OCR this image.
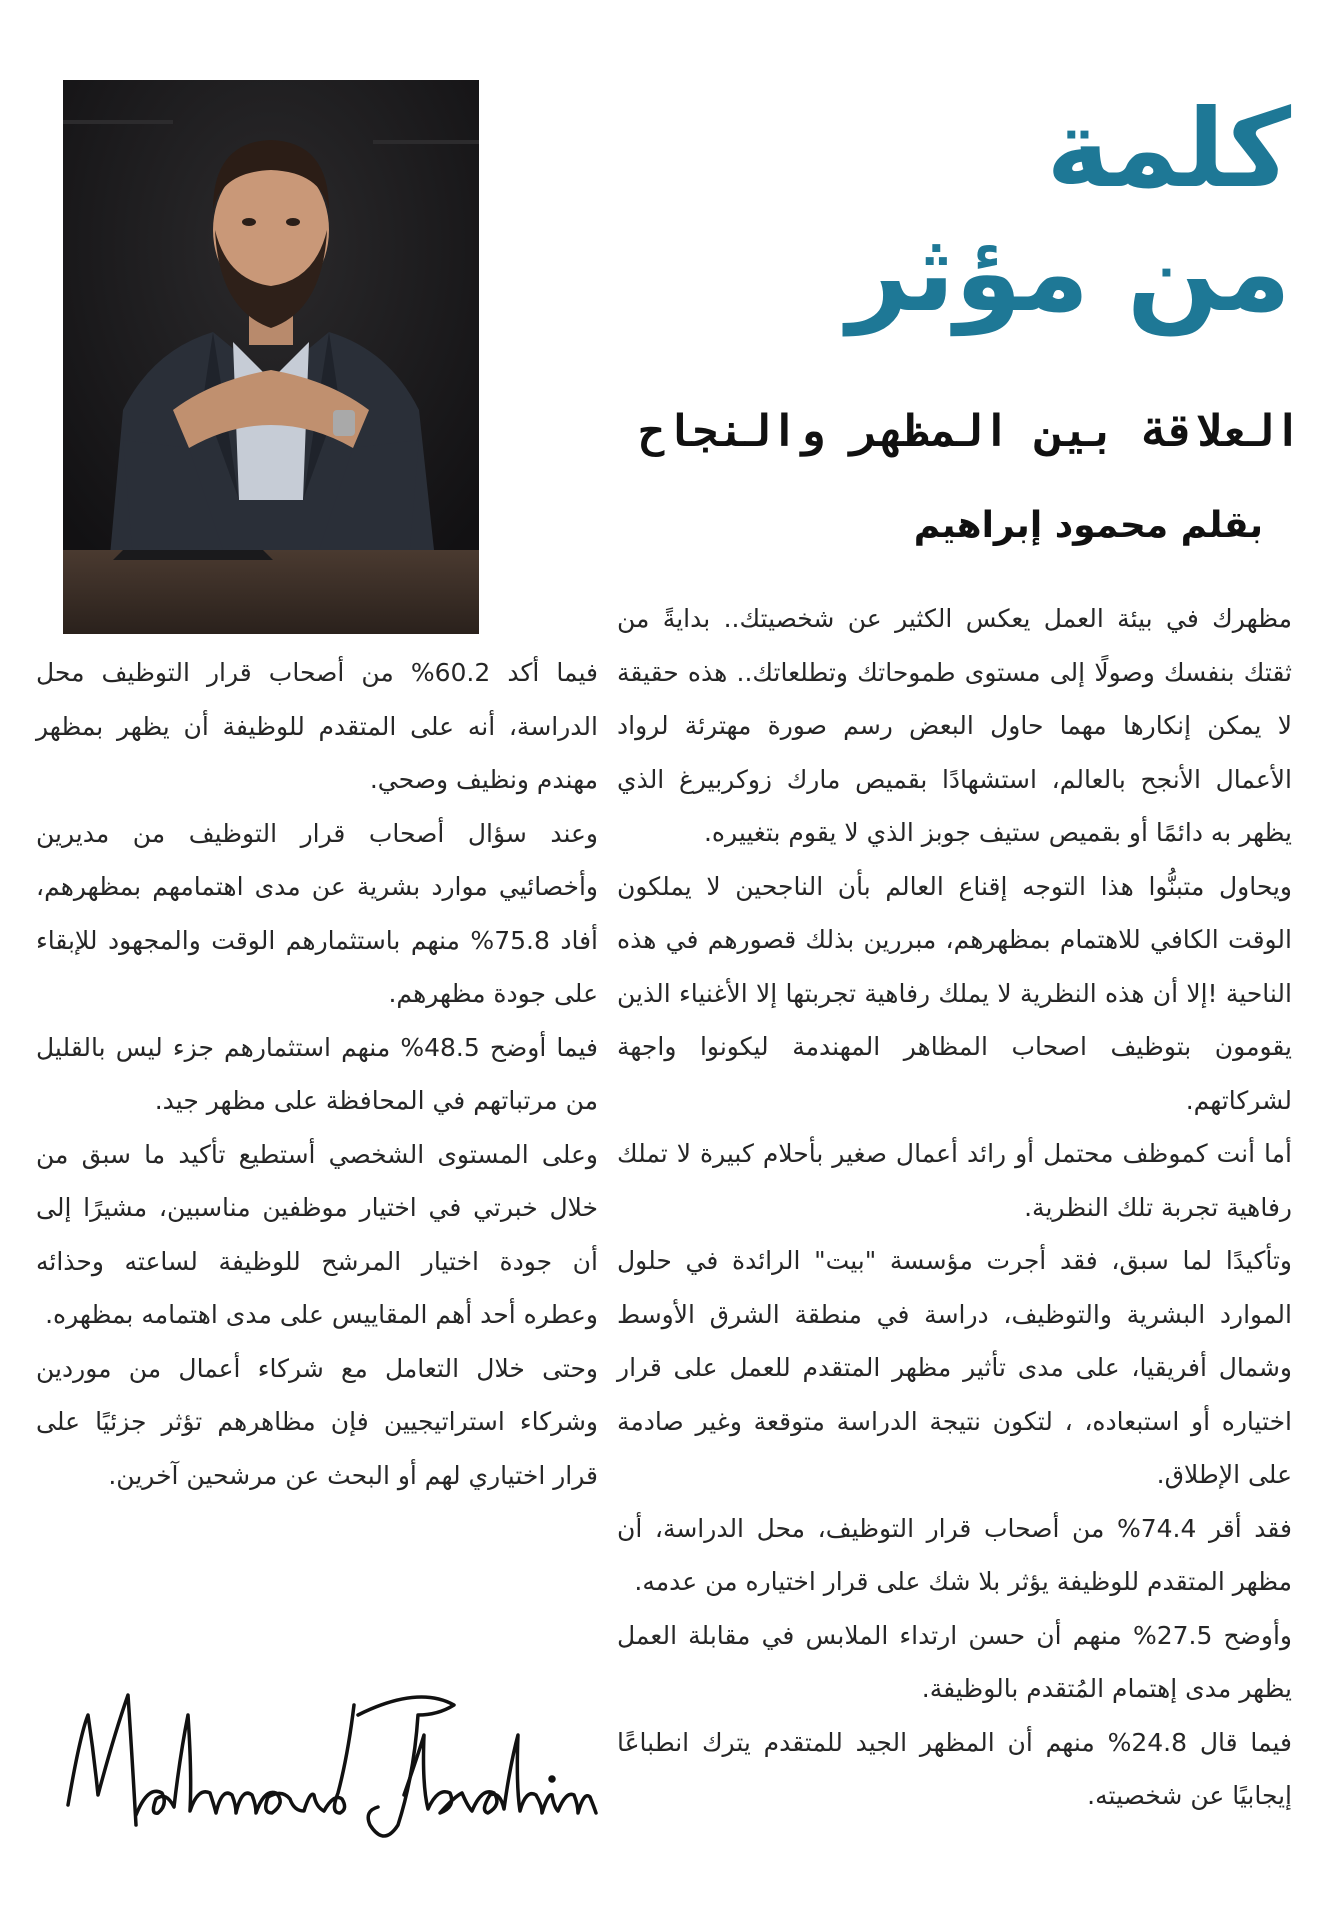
كلمة
من مؤثر
العلاقة بين المظهر والنجاح
بقلم محمود إبراهيم

مظهرك في بيئة العمل يعكس الكثير عن شخصيتك.. بدايةً من ثقتك بنفسك وصولًا إلى مستوى طموحاتك وتطلعاتك.. هذه حقيقة لا يمكن إنكارها مهما حاول البعض رسم صورة مهترئة لرواد الأعمال الأنجح بالعالم، استشهادًا بقميص مارك زوكربيرغ الذي يظهر به دائمًا أو بقميص ستيف جوبز الذي لا يقوم بتغييره.

ويحاول متبنُّوا هذا التوجه إقناع العالم بأن الناجحين لا يملكون الوقت الكافي للاهتمام بمظهرهم، مبررين بذلك قصورهم في هذه الناحية !إلا أن هذه النظرية لا يملك رفاهية تجربتها إلا الأغنياء الذين يقومون بتوظيف اصحاب المظاهر المهندمة ليكونوا واجهة لشركاتهم.

أما أنت كموظف محتمل أو رائد أعمال صغير بأحلام كبيرة لا تملك رفاهية تجربة تلك النظرية.

وتأكيدًا لما سبق، فقد أجرت مؤسسة "بيت" الرائدة في حلول الموارد البشرية والتوظيف، دراسة في منطقة الشرق الأوسط وشمال أفريقيا، على مدى تأثير مظهر المتقدم للعمل على قرار اختياره أو استبعاده، ، لتكون نتيجة الدراسة متوقعة وغير صادمة على الإطلاق.

فقد أقر 74.4% من أصحاب قرار التوظيف، محل الدراسة، أن مظهر المتقدم للوظيفة يؤثر بلا شك على قرار اختياره من عدمه.

وأوضح 27.5% منهم أن حسن ارتداء الملابس في مقابلة العمل يظهر مدى إهتمام المُتقدم بالوظيفة.

فيما قال 24.8% منهم أن المظهر الجيد للمتقدم يترك انطباعًا إيجابيًا عن شخصيته.

فيما أكد 60.2% من أصحاب قرار التوظيف محل الدراسة، أنه على المتقدم للوظيفة أن يظهر بمظهر مهندم ونظيف وصحي.

وعند سؤال أصحاب قرار التوظيف من مديرين وأخصائيي موارد بشرية عن مدى اهتمامهم بمظهرهم، أفاد 75.8% منهم باستثمارهم الوقت والمجهود للإبقاء على جودة مظهرهم.

فيما أوضح 48.5% منهم استثمارهم جزء ليس بالقليل من مرتباتهم في المحافظة على مظهر جيد.

وعلى المستوى الشخصي أستطيع تأكيد ما سبق من خلال خبرتي في اختيار موظفين مناسبين، مشيرًا إلى أن جودة اختيار المرشح للوظيفة لساعته وحذائه وعطره أحد أهم المقاييس على مدى اهتمامه بمظهره.

وحتى خلال التعامل مع شركاء أعمال من موردين وشركاء استراتيجيين فإن مظاهرهم تؤثر جزئيًا على قرار اختياري لهم أو البحث عن مرشحين آخرين.
